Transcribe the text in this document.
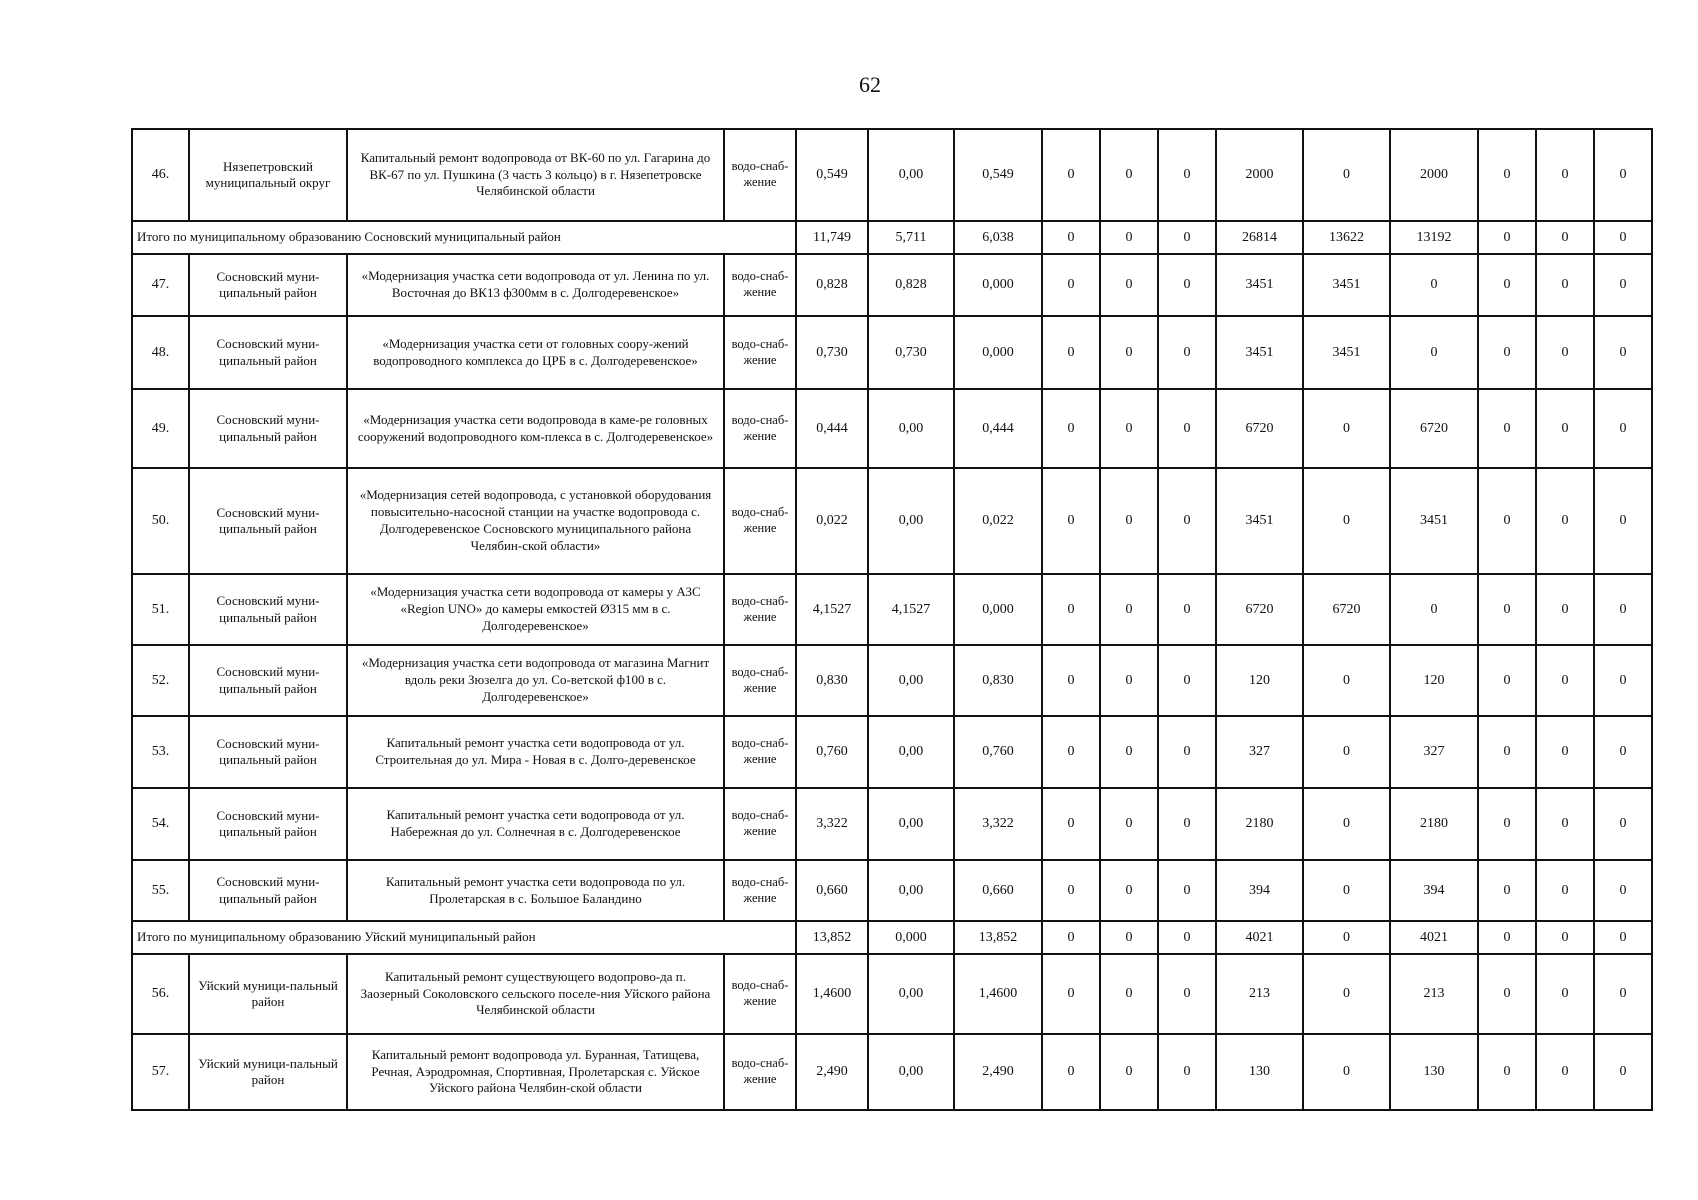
62
46.	Нязепетровский муниципальный округ	Капитальный ремонт водопровода от ВК-60 по ул. Гагарина до ВК-67 по ул. Пушкина (3 часть 3 кольцо) в г. Нязепетровске Челябинской области	водо-снаб-жение	0,549	0,00	0,549	0	0	0	2000	0	2000	0	0	0
Итого по муниципальному образованию Сосновский муниципальный район				11,749	5,711	6,038	0	0	0	26814	13622	13192	0	0	0
47.	Сосновский муни-ципальный район	«Модернизация участка сети водопровода от ул. Ленина по ул. Восточная до ВК13 ф300мм в с. Долгодеревенское»	водо-снаб-жение	0,828	0,828	0,000	0	0	0	3451	3451	0	0	0	0
48.	Сосновский муни-ципальный район	«Модернизация участка сети от головных соору-жений водопроводного комплекса до ЦРБ в с. Долгодеревенское»	водо-снаб-жение	0,730	0,730	0,000	0	0	0	3451	3451	0	0	0	0
49.	Сосновский муни-ципальный район	«Модернизация участка сети водопровода в каме-ре головных сооружений водопроводного ком-плекса в с. Долгодеревенское»	водо-снаб-жение	0,444	0,00	0,444	0	0	0	6720	0	6720	0	0	0
50.	Сосновский муни-ципальный район	«Модернизация сетей водопровода, с установкой оборудования повысительно-насосной станции на участке водопровода с. Долгодеревенское Сосновского муниципального района Челябин-ской области»	водо-снаб-жение	0,022	0,00	0,022	0	0	0	3451	0	3451	0	0	0
51.	Сосновский муни-ципальный район	«Модернизация участка сети водопровода от камеры у АЗС «Region UNO» до камеры емкостей Ø315 мм в с. Долгодеревенское»	водо-снаб-жение	4,1527	4,1527	0,000	0	0	0	6720	6720	0	0	0	0
52.	Сосновский муни-ципальный район	«Модернизация участка сети водопровода от магазина Магнит вдоль реки Зюзелга до ул. Со-ветской ф100 в с. Долгодеревенское»	водо-снаб-жение	0,830	0,00	0,830	0	0	0	120	0	120	0	0	0
53.	Сосновский муни-ципальный район	Капитальный ремонт участка сети водопровода от ул. Строительная до ул. Мира - Новая в с. Долго-деревенское	водо-снаб-жение	0,760	0,00	0,760	0	0	0	327	0	327	0	0	0
54.	Сосновский муни-ципальный район	Капитальный ремонт участка сети водопровода от ул. Набережная до ул. Солнечная в с. Долгодеревенское	водо-снаб-жение	3,322	0,00	3,322	0	0	0	2180	0	2180	0	0	0
55.	Сосновский муни-ципальный район	Капитальный ремонт участка сети водопровода по ул. Пролетарская в с. Большое Баландино	водо-снаб-жение	0,660	0,00	0,660	0	0	0	394	0	394	0	0	0
Итого по муниципальному образованию Уйский муниципальный район				13,852	0,000	13,852	0	0	0	4021	0	4021	0	0	0
56.	Уйский муници-пальный район	Капитальный ремонт существующего водопрово-да п. Заозерный Соколовского сельского поселе-ния Уйского района Челябинской области	водо-снаб-жение	1,4600	0,00	1,4600	0	0	0	213	0	213	0	0	0
57.	Уйский муници-пальный район	Капитальный ремонт водопровода ул. Буранная, Татищева, Речная, Аэродромная, Спортивная, Пролетарская с. Уйское Уйского района Челябин-ской области	водо-снаб-жение	2,490	0,00	2,490	0	0	0	130	0	130	0	0	0
